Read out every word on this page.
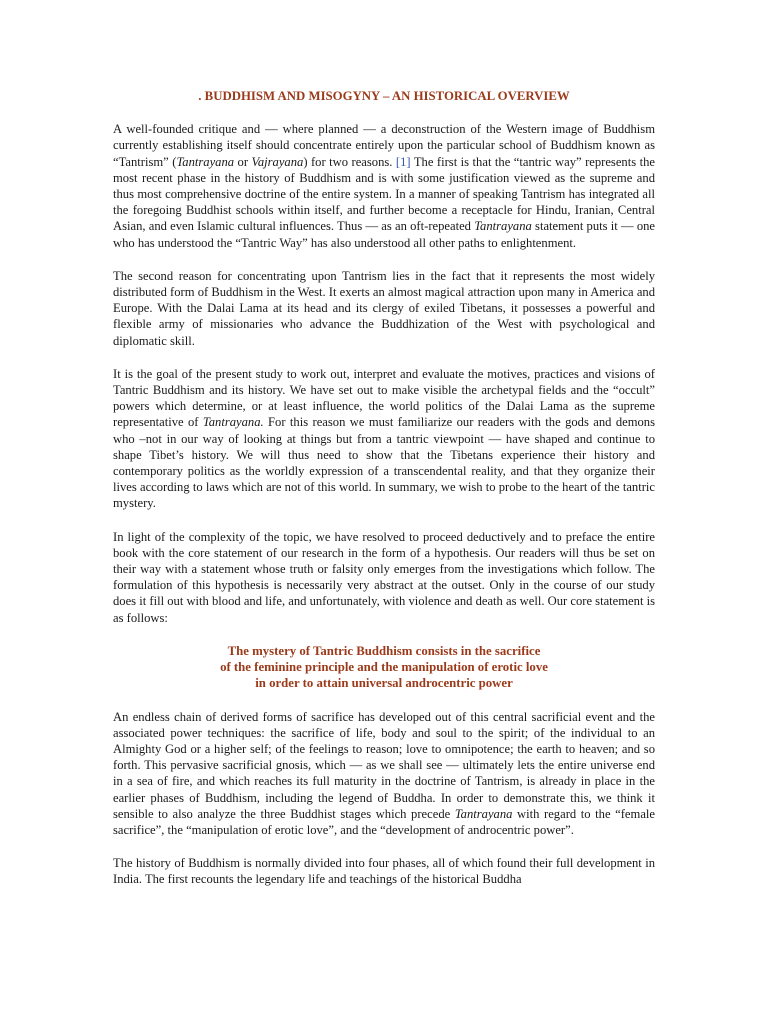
. BUDDHISM AND MISOGYNY – AN HISTORICAL OVERVIEW

A well-founded critique and — where planned — a deconstruction of the Western image of Buddhism currently establishing itself should concentrate entirely upon the particular school of Buddhism known as “Tantrism” (Tantrayana or Vajrayana) for two reasons. [1] The first is that the “tantric way” represents the most recent phase in the history of Buddhism and is with some justification viewed as the supreme and thus most comprehensive doctrine of the entire system. In a manner of speaking Tantrism has integrated all the foregoing Buddhist schools within itself, and further become a receptacle for Hindu, Iranian, Central Asian, and even Islamic cultural influences. Thus — as an oft-repeated Tantrayana statement puts it — one who has understood the “Tantric Way” has also understood all other paths to enlightenment.

The second reason for concentrating upon Tantrism lies in the fact that it represents the most widely distributed form of Buddhism in the West. It exerts an almost magical attraction upon many in America and Europe. With the Dalai Lama at its head and its clergy of exiled Tibetans, it possesses a powerful and flexible army of missionaries who advance the Buddhization of the West with psychological and diplomatic skill.

It is the goal of the present study to work out, interpret and evaluate the motives, practices and visions of Tantric Buddhism and its history. We have set out to make visible the archetypal fields and the “occult” powers which determine, or at least influence, the world politics of the Dalai Lama as the supreme representative of Tantrayana. For this reason we must familiarize our readers with the gods and demons who –not in our way of looking at things but from a tantric viewpoint — have shaped and continue to shape Tibet’s history. We will thus need to show that the Tibetans experience their history and contemporary politics as the worldly expression of a transcendental reality, and that they organize their lives according to laws which are not of this world. In summary, we wish to probe to the heart of the tantric mystery.

In light of the complexity of the topic, we have resolved to proceed deductively and to preface the entire book with the core statement of our research in the form of a hypothesis. Our readers will thus be set on their way with a statement whose truth or falsity only emerges from the investigations which follow. The formulation of this hypothesis is necessarily very abstract at the outset. Only in the course of our study does it fill out with blood and life, and unfortunately, with violence and death as well. Our core statement is as follows:

The mystery of Tantric Buddhism consists in the sacrifice
of the feminine principle and the manipulation of erotic love
in order to attain universal androcentric power

An endless chain of derived forms of sacrifice has developed out of this central sacrificial event and the associated power techniques: the sacrifice of life, body and soul to the spirit; of the individual to an Almighty God or a higher self; of the feelings to reason; love to omnipotence; the earth to heaven; and so forth. This pervasive sacrificial gnosis, which — as we shall see — ultimately lets the entire universe end in a sea of fire, and which reaches its full maturity in the doctrine of Tantrism, is already in place in the earlier phases of Buddhism, including the legend of Buddha. In order to demonstrate this, we think it sensible to also analyze the three Buddhist stages which precede Tantrayana with regard to the “female sacrifice”, the “manipulation of erotic love”, and the “development of androcentric power”.

The history of Buddhism is normally divided into four phases, all of which found their full development in India. The first recounts the legendary life and teachings of the historical Buddha
